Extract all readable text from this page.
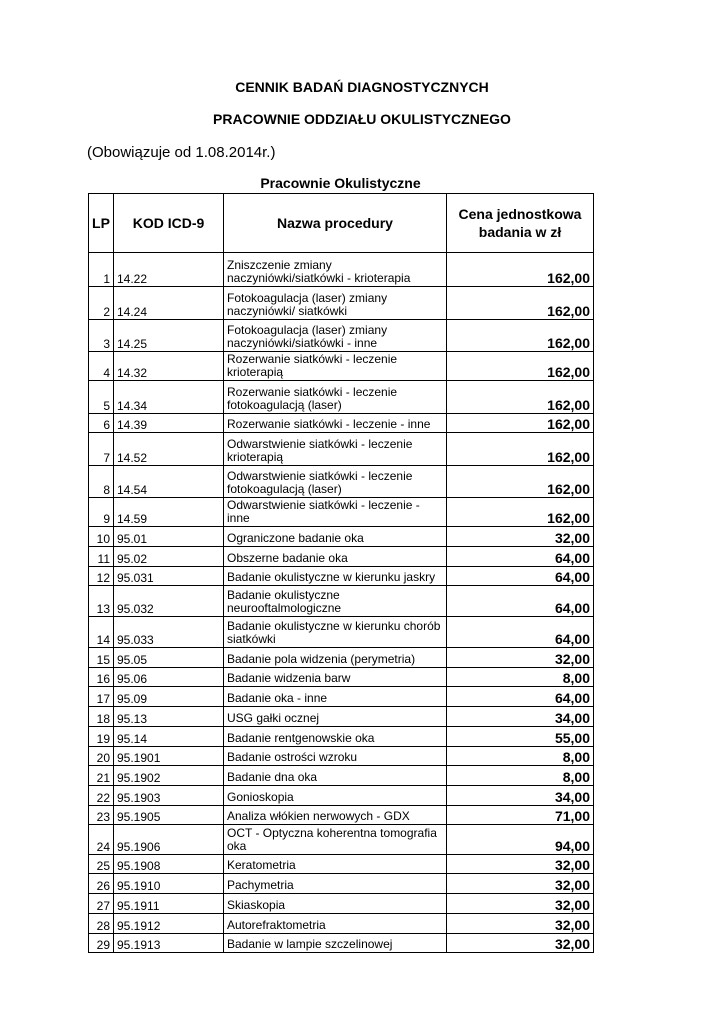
CENNIK BADAŃ DIAGNOSTYCZNYCH
PRACOWNIE ODDZIAŁU OKULISTYCZNEGO
(Obowiązuje od 1.08.2014r.)
Pracownie Okulistyczne
LP	KOD ICD-9	Nazwa procedury	Cena jednostkowa badania w zł
1	14.22	Zniszczenie zmiany naczyniówki/siatkówki - krioterapia	162,00
2	14.24	Fotokoagulacja (laser) zmiany naczyniówki/ siatkówki	162,00
3	14.25	Fotokoagulacja (laser) zmiany naczyniówki/siatkówki - inne	162,00
4	14.32	Rozerwanie siatkówki - leczenie krioterapią	162,00
5	14.34	Rozerwanie siatkówki - leczenie fotokoagulacją (laser)	162,00
6	14.39	Rozerwanie siatkówki - leczenie - inne	162,00
7	14.52	Odwarstwienie siatkówki - leczenie krioterapią	162,00
8	14.54	Odwarstwienie siatkówki - leczenie fotokoagulacją (laser)	162,00
9	14.59	Odwarstwienie siatkówki - leczenie - inne	162,00
10	95.01	Ograniczone badanie oka	32,00
11	95.02	Obszerne badanie oka	64,00
12	95.031	Badanie okulistyczne w kierunku jaskry	64,00
13	95.032	Badanie okulistyczne neurooftalmologiczne	64,00
14	95.033	Badanie okulistyczne w kierunku chorób siatkówki	64,00
15	95.05	Badanie pola widzenia (perymetria)	32,00
16	95.06	Badanie widzenia barw	8,00
17	95.09	Badanie oka - inne	64,00
18	95.13	USG gałki ocznej	34,00
19	95.14	Badanie rentgenowskie oka	55,00
20	95.1901	Badanie ostrości wzroku	8,00
21	95.1902	Badanie dna oka	8,00
22	95.1903	Gonioskopia	34,00
23	95.1905	Analiza włókien nerwowych - GDX	71,00
24	95.1906	OCT - Optyczna koherentna tomografia oka	94,00
25	95.1908	Keratometria	32,00
26	95.1910	Pachymetria	32,00
27	95.1911	Skiaskopia	32,00
28	95.1912	Autorefraktometria	32,00
29	95.1913	Badanie w lampie szczelinowej	32,00
